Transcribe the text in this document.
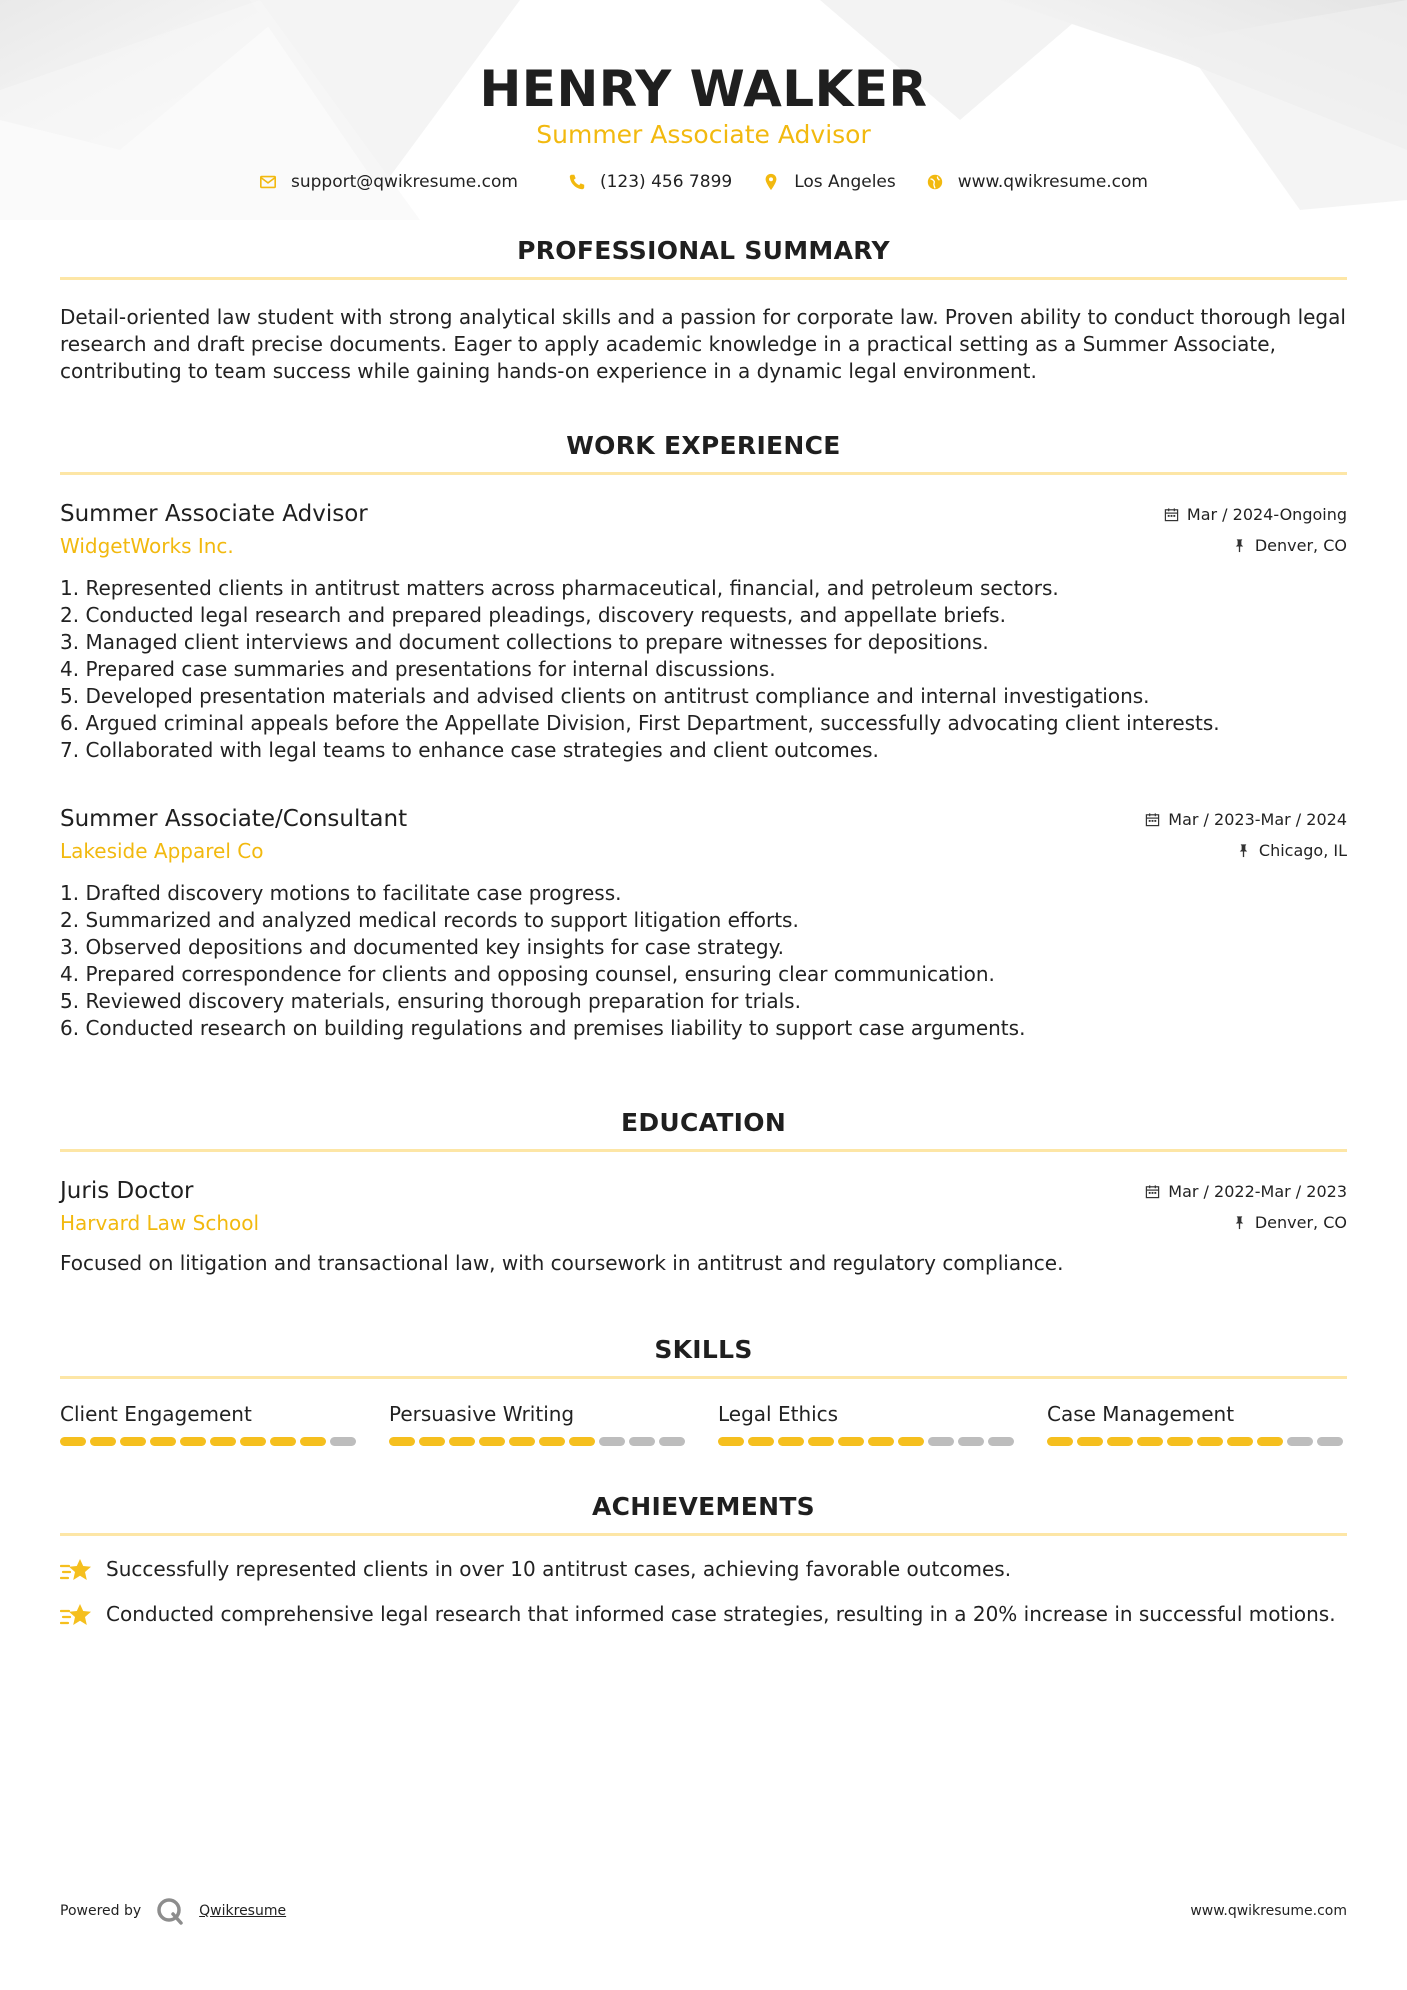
HENRY WALKER
Summer Associate Advisor
support@qwikresume.com	(123) 456 7899	Los Angeles	www.qwikresume.com
PROFESSIONAL SUMMARY

Detail-oriented law student with strong analytical skills and a passion for corporate law. Proven ability to conduct thorough legal research and draft precise documents. Eager to apply academic knowledge in a practical setting as a Summer Associate, contributing to team success while gaining hands-on experience in a dynamic legal environment.

WORK EXPERIENCE
Summer Associate Advisor	Mar / 2024-Ongoing
WidgetWorks Inc.	Denver, CO
1. Represented clients in antitrust matters across pharmaceutical, financial, and petroleum sectors.
2. Conducted legal research and prepared pleadings, discovery requests, and appellate briefs.
3. Managed client interviews and document collections to prepare witnesses for depositions.
4. Prepared case summaries and presentations for internal discussions.
5. Developed presentation materials and advised clients on antitrust compliance and internal investigations.
6. Argued criminal appeals before the Appellate Division, First Department, successfully advocating client interests.
7. Collaborated with legal teams to enhance case strategies and client outcomes.
Summer Associate/Consultant	Mar / 2023-Mar / 2024
Lakeside Apparel Co	Chicago, IL
1. Drafted discovery motions to facilitate case progress.
2. Summarized and analyzed medical records to support litigation efforts.
3. Observed depositions and documented key insights for case strategy.
4. Prepared correspondence for clients and opposing counsel, ensuring clear communication.
5. Reviewed discovery materials, ensuring thorough preparation for trials.
6. Conducted research on building regulations and premises liability to support case arguments.
EDUCATION
Juris Doctor	Mar / 2022-Mar / 2023
Harvard Law School	Denver, CO

Focused on litigation and transactional law, with coursework in antitrust and regulatory compliance.

SKILLS
Client Engagement	Persuasive Writing	Legal Ethics	Case Management
ACHIEVEMENTS
Successfully represented clients in over 10 antitrust cases, achieving favorable outcomes.
Conducted comprehensive legal research that informed case strategies, resulting in a 20% increase in successful motions.
Powered by	Qwikresume	www.qwikresume.com
